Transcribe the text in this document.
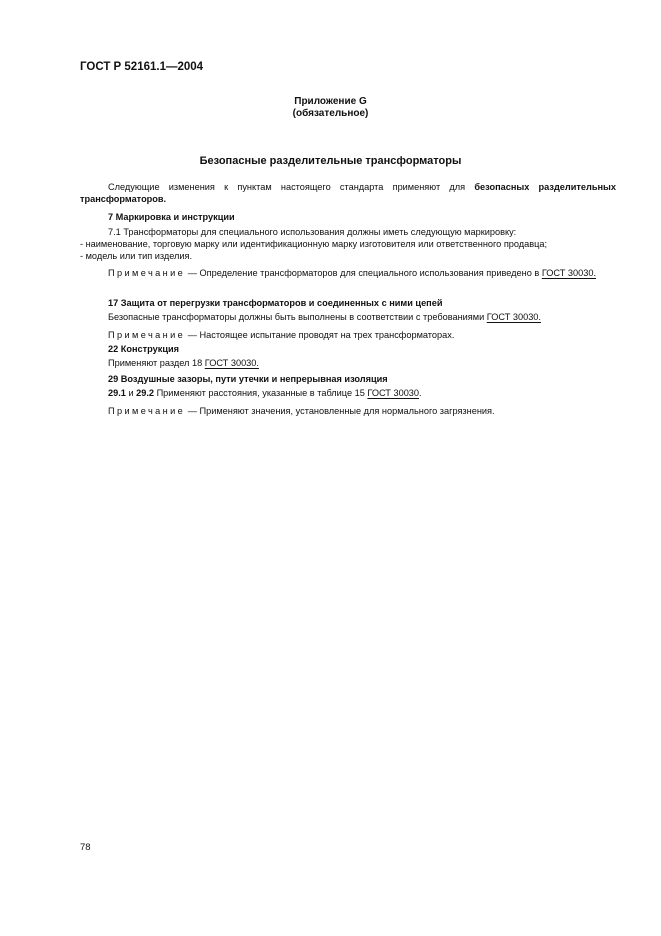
ГОСТ Р 52161.1—2004
Приложение G
(обязательное)
Безопасные разделительные трансформаторы

Следующие изменения к пунктам настоящего стандарта применяют для безопасных разделительных трансформаторов.

7 Маркировка и инструкции

7.1 Трансформаторы для специального использования должны иметь следующую маркировку:

- наименование, торговую марку или идентификационную марку изготовителя или ответственного продавца;

- модель или тип изделия.

Примечание — Определение трансформаторов для специального использования приведено в ГОСТ 30030.

17 Защита от перегрузки трансформаторов и соединенных с ними цепей

Безопасные трансформаторы должны быть выполнены в соответствии с требованиями ГОСТ 30030.

Примечание — Настоящее испытание проводят на трех трансформаторах.

22 Конструкция

Применяют раздел 18 ГОСТ 30030.

29 Воздушные зазоры, пути утечки и непрерывная изоляция

29.1 и 29.2 Применяют расстояния, указанные в таблице 15 ГОСТ 30030.

Примечание — Применяют значения, установленные для нормального загрязнения.

78
